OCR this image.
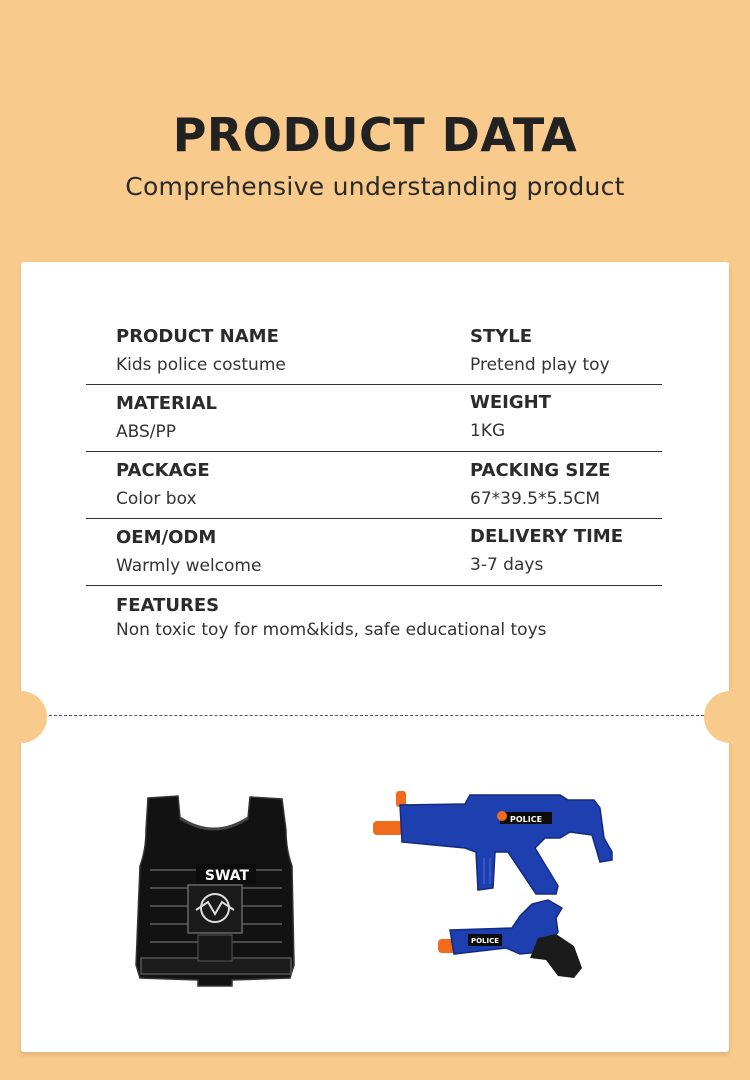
PRODUCT DATA
Comprehensive understanding product
PRODUCT NAME
Kids police costume
STYLE
Pretend play toy
MATERIAL
ABS/PP
WEIGHT
1KG
PACKAGE
Color box
PACKING SIZE
67*39.5*5.5CM
OEM/ODM
Warmly welcome
DELIVERY TIME
3-7 days
FEATURES
Non toxic toy for mom&kids, safe educational toys
SWAT
POLICE
POLICE
